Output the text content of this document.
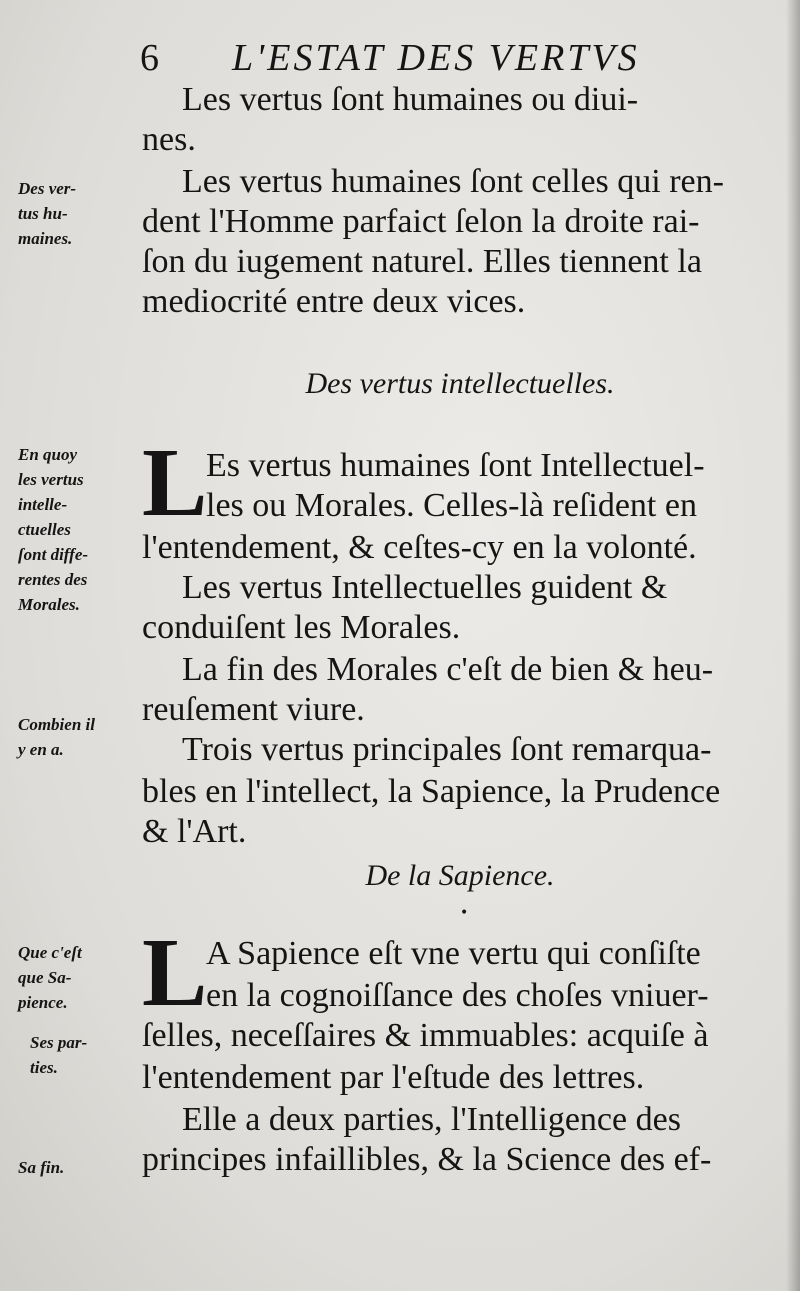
6 L'ESTAT DES VERTVS
Les vertus ſont humaines ou diui-
nes.
Les vertus humaines ſont celles qui ren-
dent l'Homme parfaict ſelon la droite rai-
ſon du iugement naturel. Elles tiennent la
mediocrité entre deux vices.
Des vertus intellectuelles.
L
Es vertus humaines ſont Intellectuel-
les ou Morales. Celles-là reſident en
l'entendement, & ceſtes-cy en la volonté.
Les vertus Intellectuelles guident &
conduiſent les Morales.
La fin des Morales c'eſt de bien & heu-
reuſement viure.
Trois vertus principales ſont remarqua-
bles en l'intellect, la Sapience, la Prudence
& l'Art.
De la Sapience.
•
L
A Sapience eſt vne vertu qui conſiſte
en la cognoiſſance des choſes vniuer-
ſelles, neceſſaires & immuables: acquiſe à
l'entendement par l'eſtude des lettres.
Elle a deux parties, l'Intelligence des
principes infaillibles, & la Science des ef-
Des ver-
tus hu-
maines.
En quoy
les vertus
intelle-
ctuelles
ſont diffe-
rentes des
Morales.
Combien il
y en a.
Que c'eſt
que Sa-
pience.
Ses par-
ties.
Sa fin.
